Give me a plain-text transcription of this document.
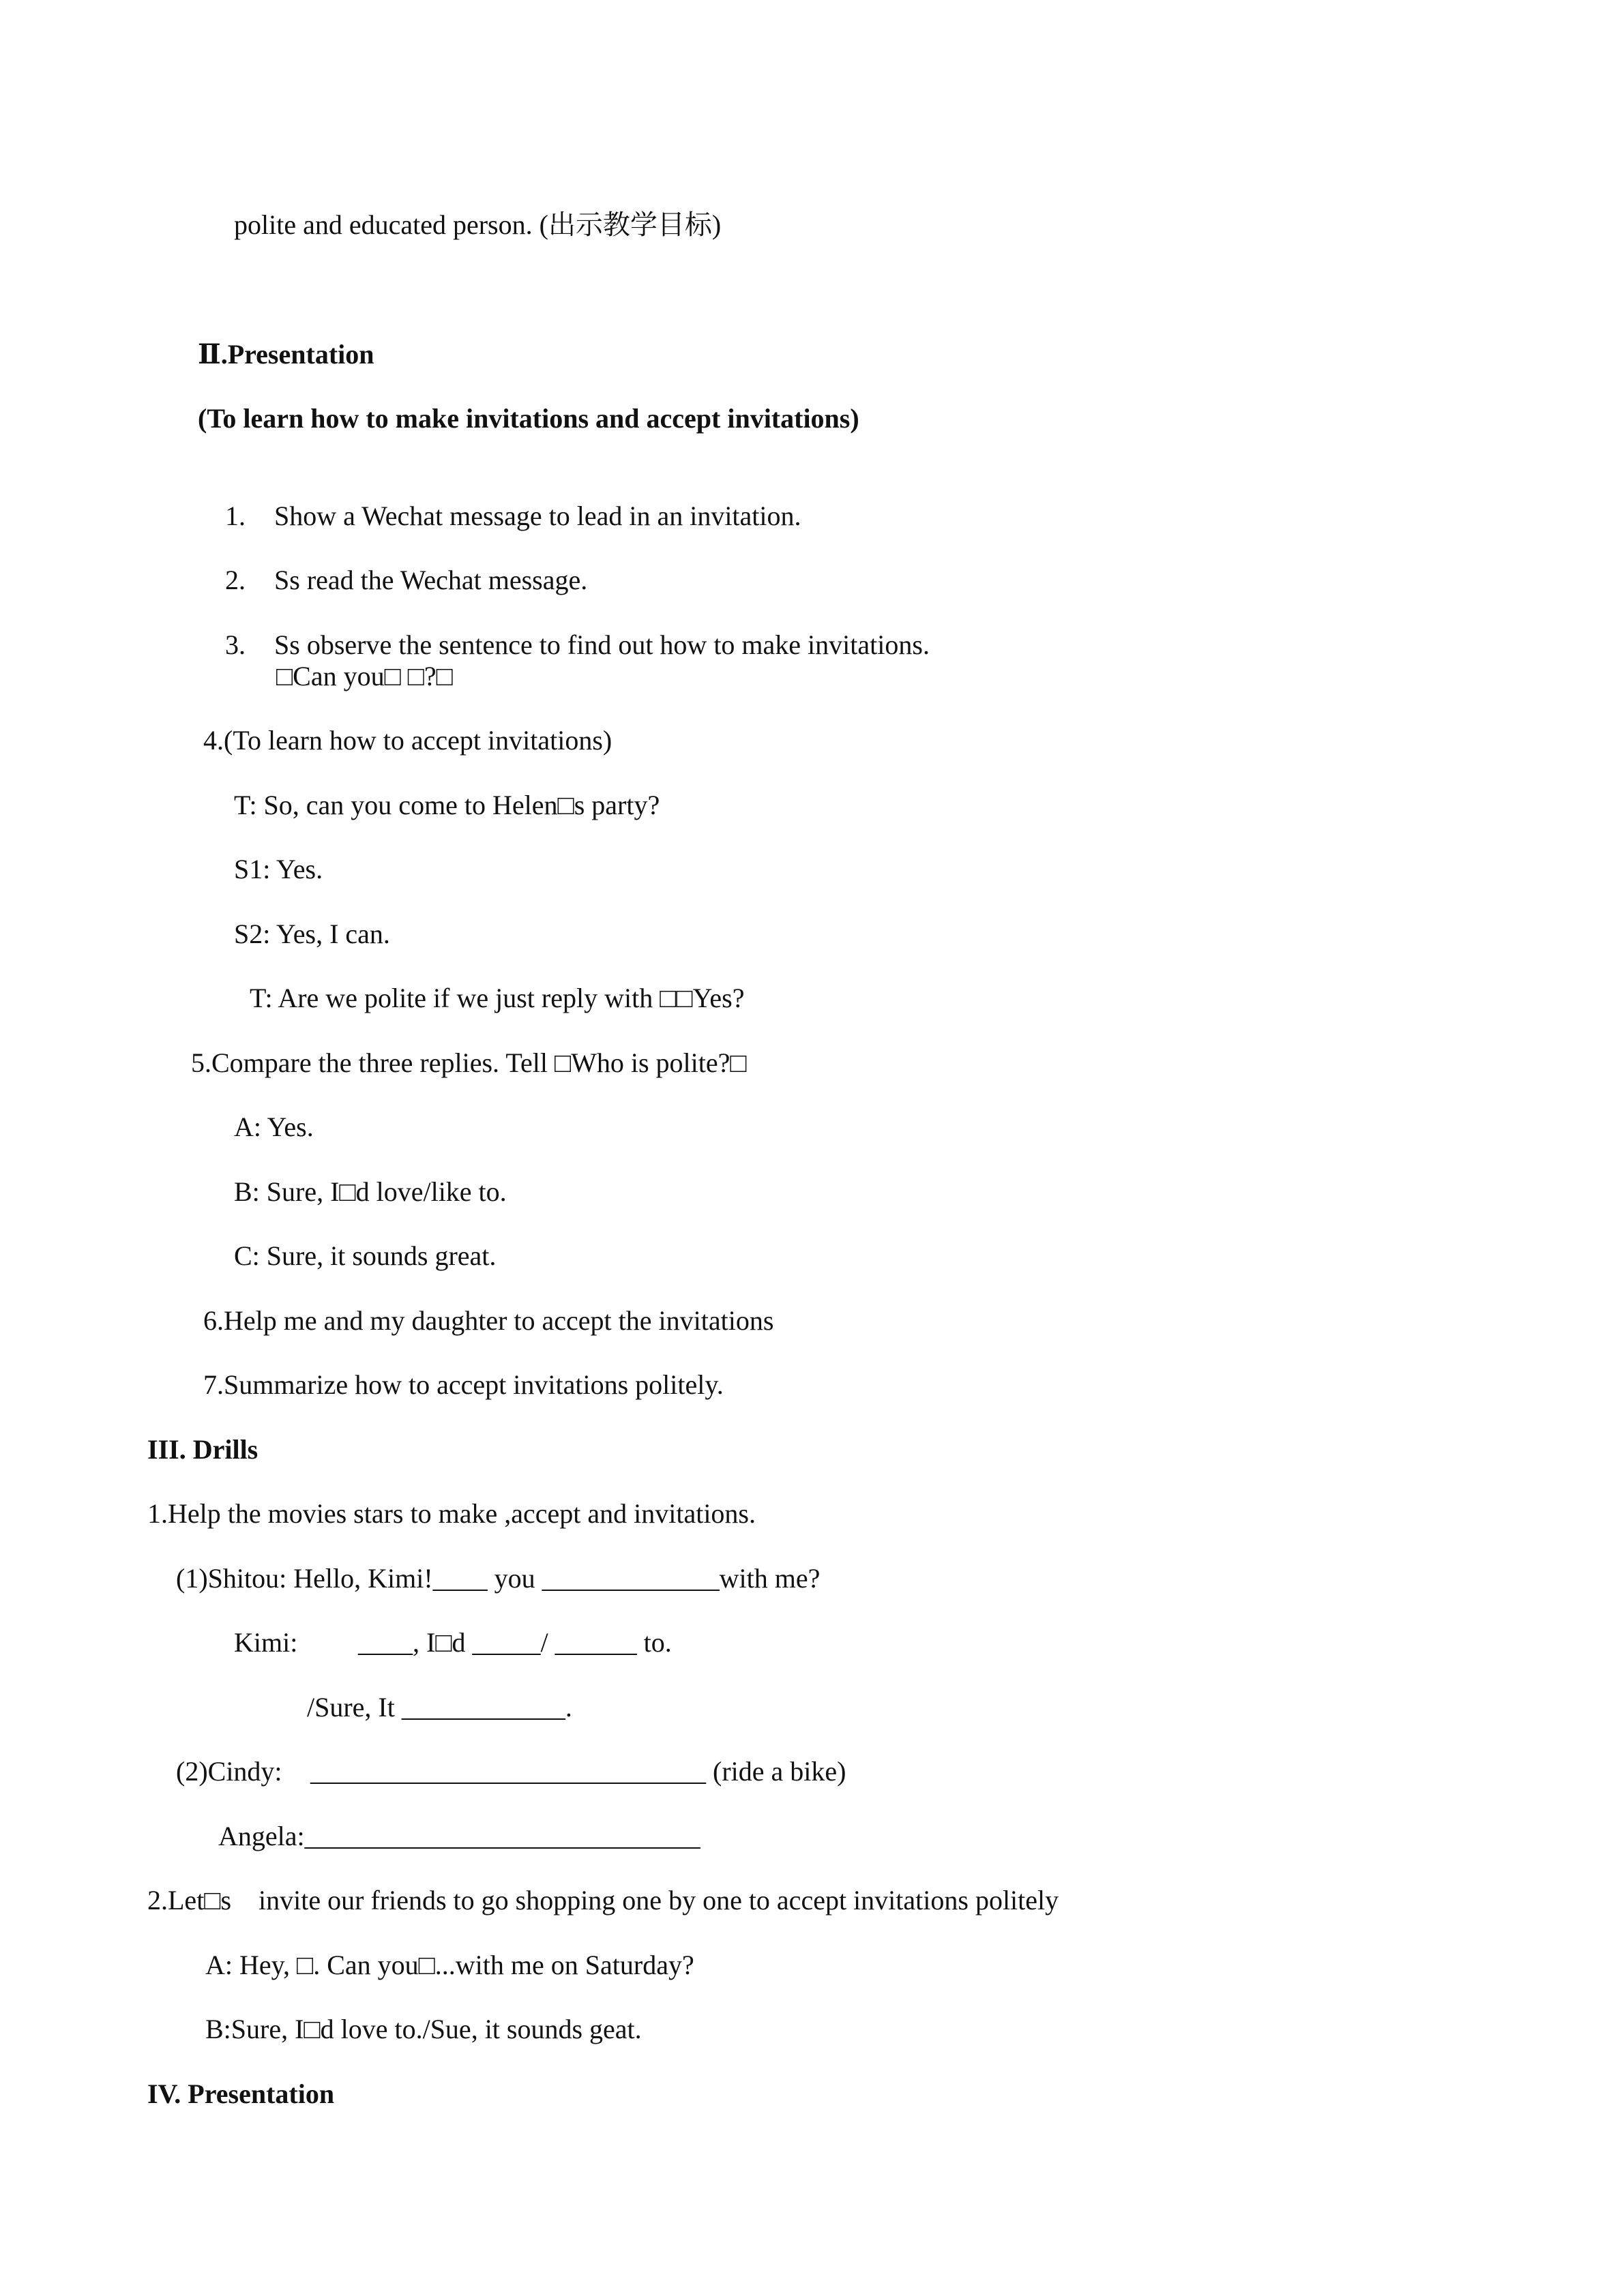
polite and educated person. (出示教学目标)
Ⅱ.Presentation
(To learn how to make invitations and accept invitations)

1. Show a Wechat message to lead in an invitation.

2. Ss read the Wechat message.

3. Ss observe the sentence to find out how to make invitations.

□Can you□ □?□
4.(To learn how to accept invitations)
T: So, can you come to Helen□s party?
S1: Yes.
S2: Yes, I can.
T: Are we polite if we just reply with □□Yes?
5.Compare the three replies. Tell □Who is polite?□
A: Yes.
B: Sure, I□d love/like to.
C: Sure, it sounds great.
6.Help me and my daughter to accept the invitations
7.Summarize how to accept invitations politely.
III. Drills
1.Help the movies stars to make ,accept and invitations.
(1)Shitou: Hello, Kimi!____ you _____________with me?
Kimi: ____, I□d _____/ ______ to.
/Sure, It ____________.
(2)Cindy: _____________________________ (ride a bike)
Angela:_____________________________
2.Let□s    invite our friends to go shopping one by one to accept invitations politely
A: Hey, □. Can you□...with me on Saturday?
B:Sure, I□d love to./Sue, it sounds geat.
IV. Presentation
